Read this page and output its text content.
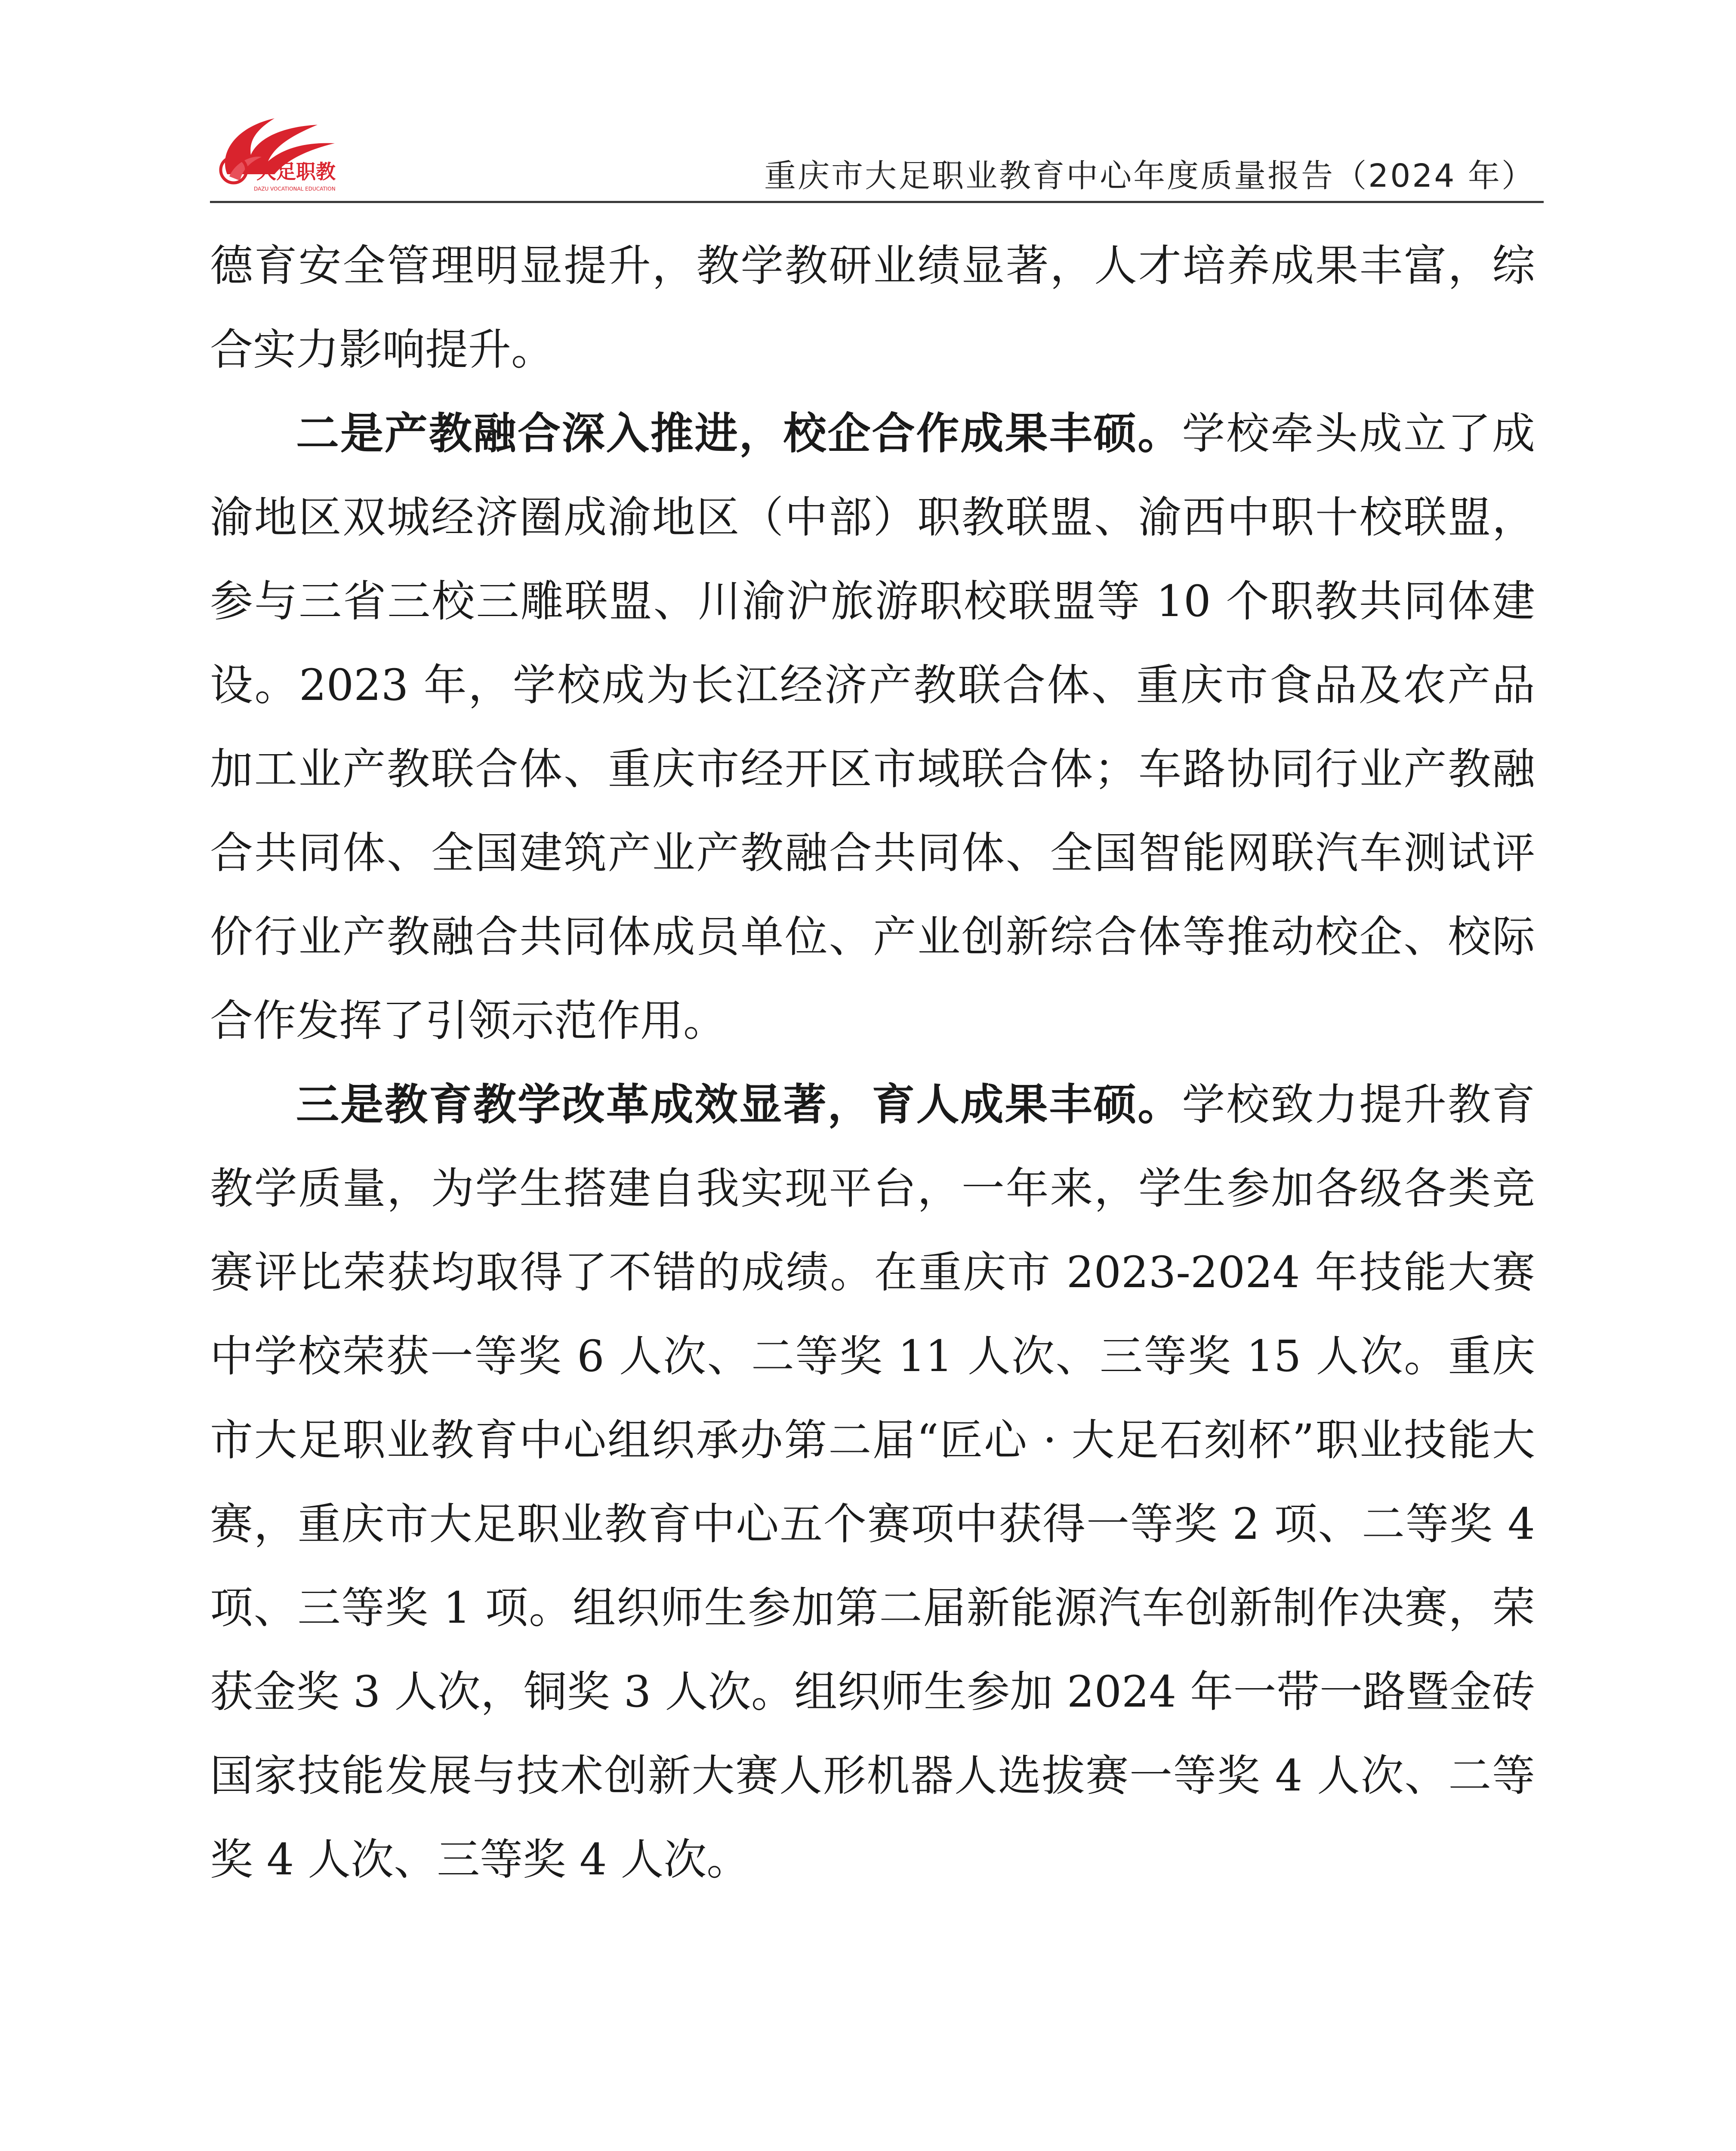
大足职教
DAZU VOCATIONAL EDUCATION	重庆市大足职业教育中心年度质量报告（2024 年）

德育安全管理明显提升，教学教研业绩显著，人才培养成果丰富，综合实力影响提升。

二是产教融合深入推进，校企合作成果丰硕。学校牵头成立了成渝地区双城经济圈成渝地区（中部）职教联盟、渝西中职十校联盟，参与三省三校三雕联盟、川渝沪旅游职校联盟等 10 个职教共同体建设。2023 年，学校成为长江经济产教联合体、重庆市食品及农产品加工业产教联合体、重庆市经开区市域联合体；车路协同行业产教融合共同体、全国建筑产业产教融合共同体、全国智能网联汽车测试评价行业产教融合共同体成员单位、产业创新综合体等推动校企、校际合作发挥了引领示范作用。

三是教育教学改革成效显著，育人成果丰硕。学校致力提升教育教学质量，为学生搭建自我实现平台，一年来，学生参加各级各类竞赛评比荣获均取得了不错的成绩。在重庆市 2023-2024 年技能大赛中学校荣获一等奖 6 人次、二等奖 11 人次、三等奖 15 人次。重庆市大足职业教育中心组织承办第二届“匠心 · 大足石刻杯”职业技能大赛，重庆市大足职业教育中心五个赛项中获得一等奖 2 项、二等奖 4 项、三等奖 1 项。组织师生参加第二届新能源汽车创新制作决赛，荣获金奖 3 人次，铜奖 3 人次。组织师生参加 2024 年一带一路暨金砖国家技能发展与技术创新大赛人形机器人选拔赛一等奖 4 人次、二等奖 4 人次、三等奖 4 人次。
